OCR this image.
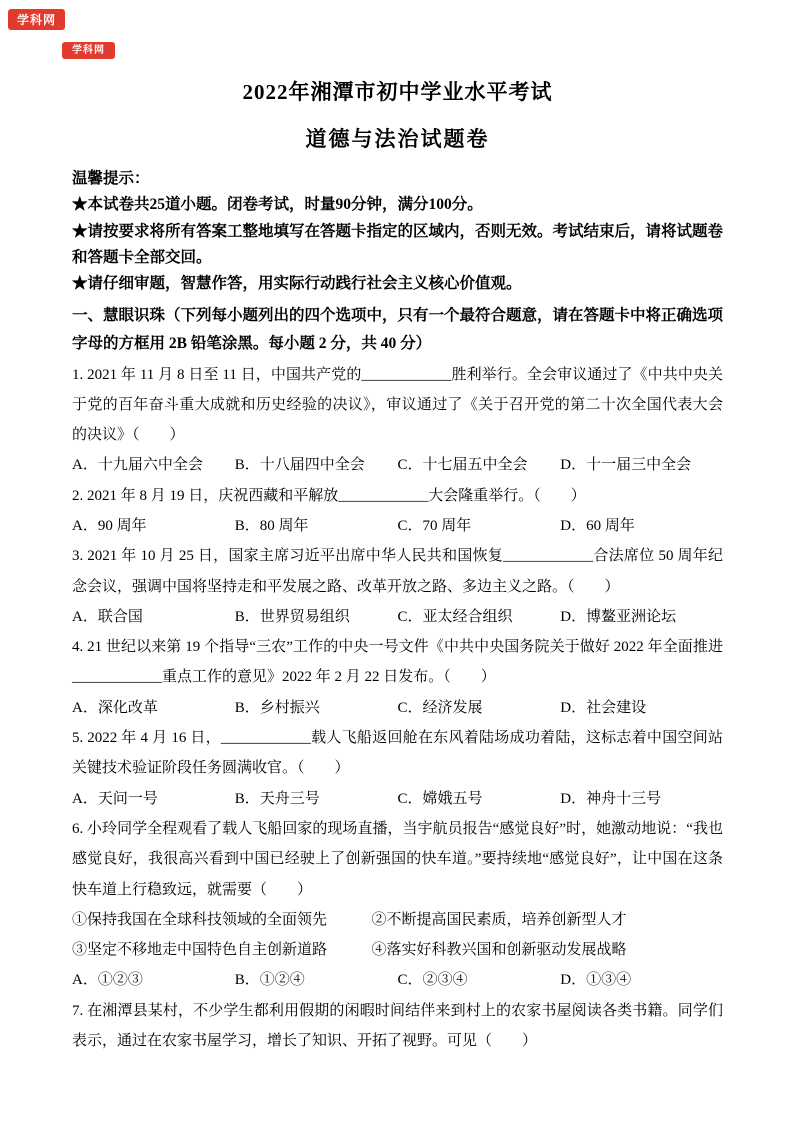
学科网
学科网
2022年湘潭市初中学业水平考试
道德与法治试题卷

温馨提示：

★本试卷共25道小题。闭卷考试，时量90分钟，满分100分。

★请按要求将所有答案工整地填写在答题卡指定的区域内，否则无效。考试结束后，请将试题卷和答题卡全部交回。

★请仔细审题，智慧作答，用实际行动践行社会主义核心价值观。

一、慧眼识珠（下列每小题列出的四个选项中，只有一个最符合题意，请在答题卡中将正确选项字母的方框用 2B 铅笔涂黑。每小题 2 分，共 40 分）

1. 2021 年 11 月 8 日至 11 日，中国共产党的____________胜利举行。全会审议通过了《中共中央关于党的百年奋斗重大成就和历史经验的决议》，审议通过了《关于召开党的第二十次全国代表大会的决议》（　　）

A．十九届六中全会	B．十八届四中全会	C．十七届五中全会	D．十一届三中全会

2. 2021 年 8 月 19 日，庆祝西藏和平解放____________大会隆重举行。（　　）

A．90 周年	B．80 周年	C．70 周年	D．60 周年

3. 2021 年 10 月 25 日，国家主席习近平出席中华人民共和国恢复____________合法席位 50 周年纪念会议，强调中国将坚持走和平发展之路、改革开放之路、多边主义之路。（　　）

A．联合国	B．世界贸易组织	C．亚太经合组织	D．博鳌亚洲论坛

4. 21 世纪以来第 19 个指导“三农”工作的中央一号文件《中共中央国务院关于做好 2022 年全面推进____________重点工作的意见》2022 年 2 月 22 日发布。（　　）

A．深化改革	B．乡村振兴	C．经济发展	D．社会建设

5. 2022 年 4 月 16 日，____________载人飞船返回舱在东风着陆场成功着陆，这标志着中国空间站关键技术验证阶段任务圆满收官。（　　）

A．天问一号	B．天舟三号	C．嫦娥五号	D．神舟十三号

6. 小玲同学全程观看了载人飞船回家的现场直播，当宇航员报告“感觉良好”时，她激动地说：“我也感觉良好，我很高兴看到中国已经驶上了创新强国的快车道。”要持续地“感觉良好”，让中国在这条快车道上行稳致远，就需要（　　）

①保持我国在全球科技领域的全面领先	②不断提高国民素质，培养创新型人才
③坚定不移地走中国特色自主创新道路	④落实好科教兴国和创新驱动发展战略
A．①②③	B．①②④	C．②③④	D．①③④

7. 在湘潭县某村，不少学生都利用假期的闲暇时间结伴来到村上的农家书屋阅读各类书籍。同学们表示，通过在农家书屋学习，增长了知识、开拓了视野。可见（　　）
